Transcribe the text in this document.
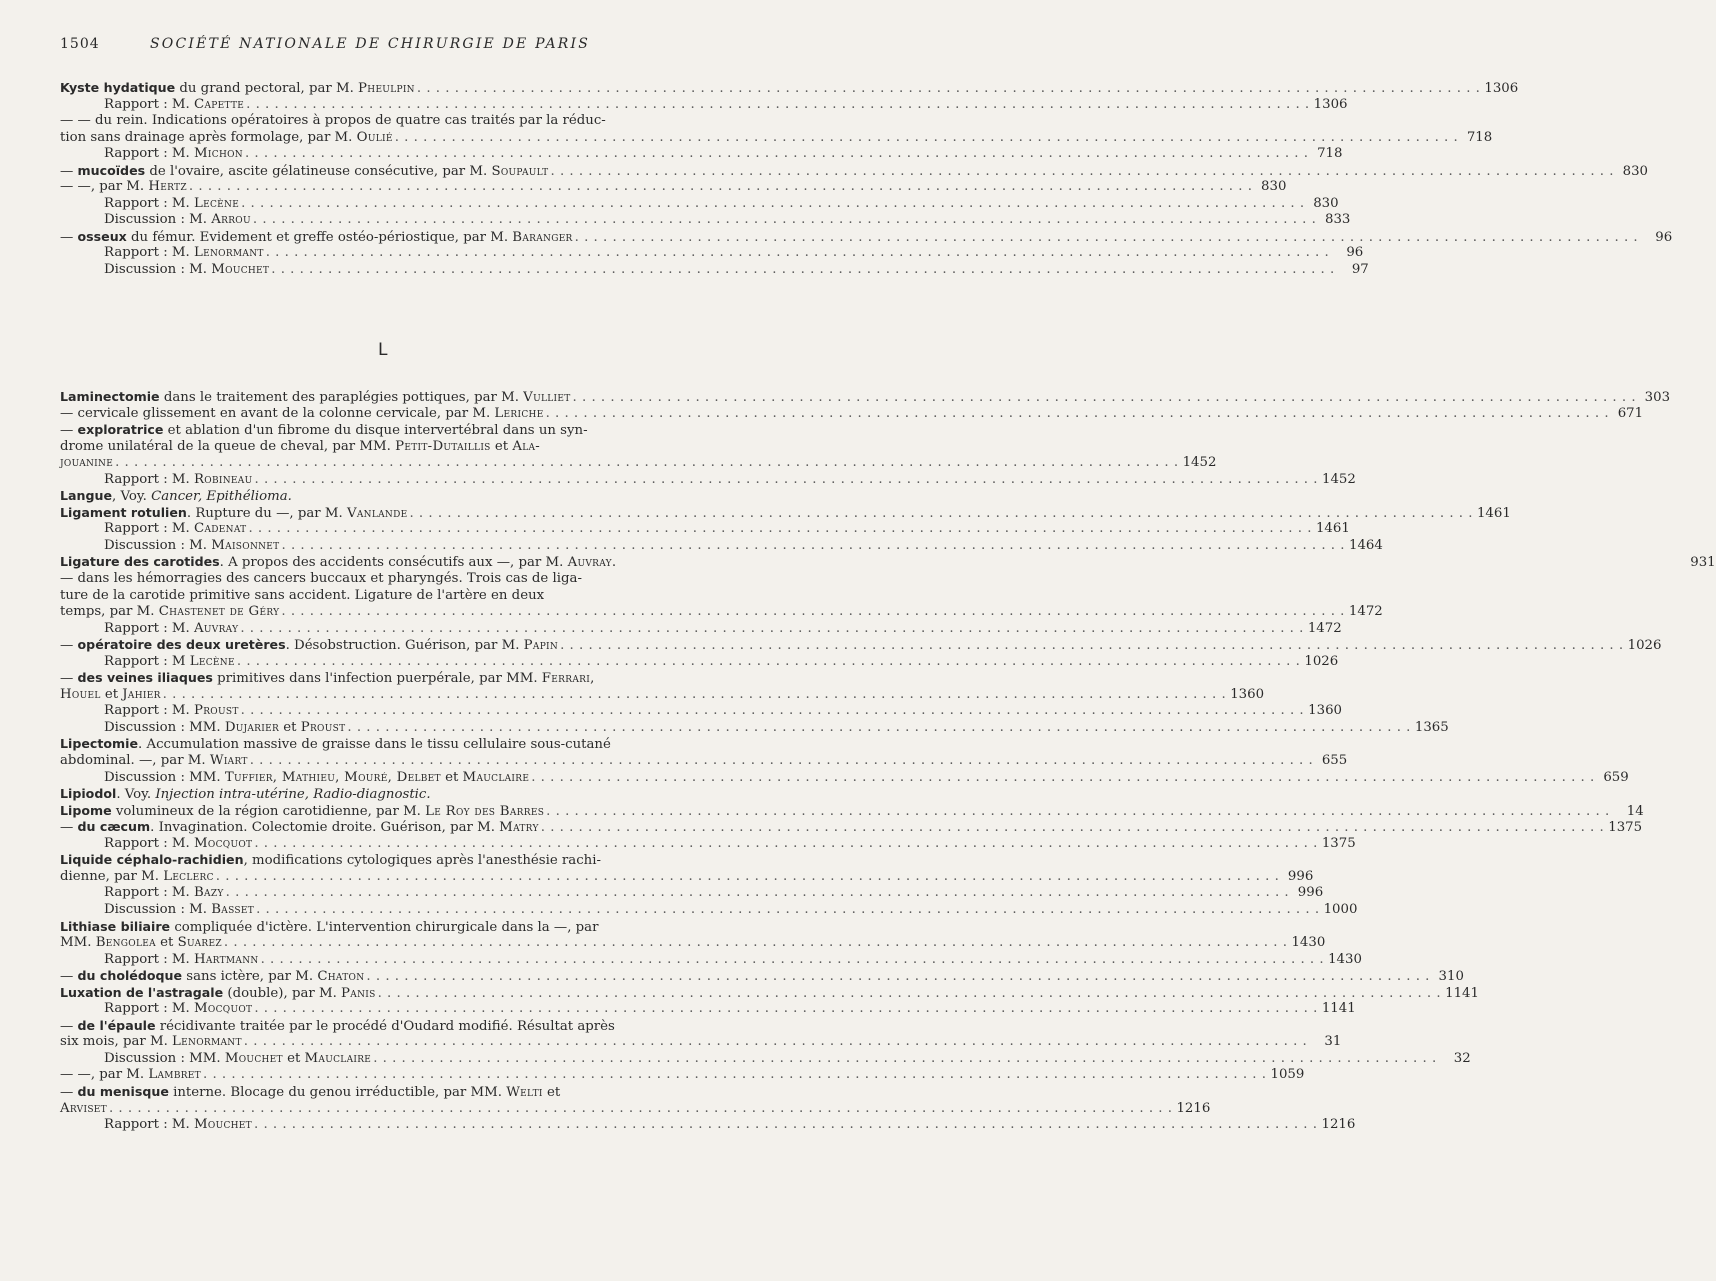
1504	SOCIÉTÉ NATIONALE DE CHIRURGIE DE PARIS
Kyste hydatique du grand pectoral, par M. Pheulpin . . .	1306
Rapport : M. Capette . . .	1306
— — du rein. Indications opératoires à propos de quatre cas traités par la réduc-
tion sans drainage après formolage, par M. Oulié . . .	718
Rapport : M. Michon . . .	718
— mucoïdes de l'ovaire, ascite gélatineuse consécutive, par M. Soupault . . .	830
— —, par M. Hertz . . .	830
Rapport : M. Lecène . . .	830
Discussion : M. Arrou . . .	833
— osseux du fémur. Evidement et greffe ostéo-périostique, par M. Baranger . . .	96
Rapport : M. Lenormant . . .	96
Discussion : M. Mouchet . . .	97
L
Laminectomie dans le traitement des paraplégies pottiques, par M. Vulliet . . .	303
— cervicale glissement en avant de la colonne cervicale, par M. Leriche . . .	671
— exploratrice et ablation d'un fibrome du disque intervertébral dans un syn-
drome unilatéral de la queue de cheval, par MM. Petit-Dutaillis et Ala-
jouanine . . .	1452
Rapport : M. Robineau . . .	1452
Langue, Voy. Cancer, Epithélioma.
Ligament rotulien. Rupture du —, par M. Vanlande . . .	1461
Rapport : M. Cadenat . . .	1461
Discussion : M. Maisonnet . . .	1464
Ligature des carotides. A propos des accidents consécutifs aux —, par M. Auvray.	931
— dans les hémorragies des cancers buccaux et pharyngés. Trois cas de liga-
ture de la carotide primitive sans accident. Ligature de l'artère en deux
temps, par M. Chastenet de Géry . . .	1472
Rapport : M. Auvray . . .	1472
— opératoire des deux uretères. Désobstruction. Guérison, par M. Papin . . .	1026
Rapport : M Lecène . . .	1026
— des veines iliaques primitives dans l'infection puerpérale, par MM. Ferrari,
Houel et Jahier . . .	1360
Rapport : M. Proust . . .	1360
Discussion : MM. Dujarier et Proust . . .	1365
Lipectomie. Accumulation massive de graisse dans le tissu cellulaire sous-cutané
abdominal. —, par M. Wiart . . .	655
Discussion : MM. Tuffier, Mathieu, Mouré, Delbet et Mauclaire . . .	659
Lipiodol. Voy. Injection intra-utérine, Radio-diagnostic.
Lipome volumineux de la région carotidienne, par M. Le Roy des Barres . . .	14
— du cæcum. Invagination. Colectomie droite. Guérison, par M. Matry . . .	1375
Rapport : M. Mocquot . . .	1375
Liquide céphalo-rachidien, modifications cytologiques après l'anesthésie rachi-
dienne, par M. Leclerc . . .	996
Rapport : M. Bazy . . .	996
Discussion : M. Basset . . .	1000
Lithiase biliaire compliquée d'ictère. L'intervention chirurgicale dans la —, par
MM. Bengolea et Suarez . . .	1430
Rapport : M. Hartmann . . .	1430
— du cholédoque sans ictère, par M. Chaton . . .	310
Luxation de l'astragale (double), par M. Panis . . .	1141
Rapport : M. Mocquot . . .	1141
— de l'épaule récidivante traitée par le procédé d'Oudard modifié. Résultat après
six mois, par M. Lenormant . . .	31
Discussion : MM. Mouchet et Mauclaire . . .	32
— —, par M. Lambret . . .	1059
— du menisque interne. Blocage du genou irréductible, par MM. Welti et
Arviset . . .	1216
Rapport : M. Mouchet . . .	1216
